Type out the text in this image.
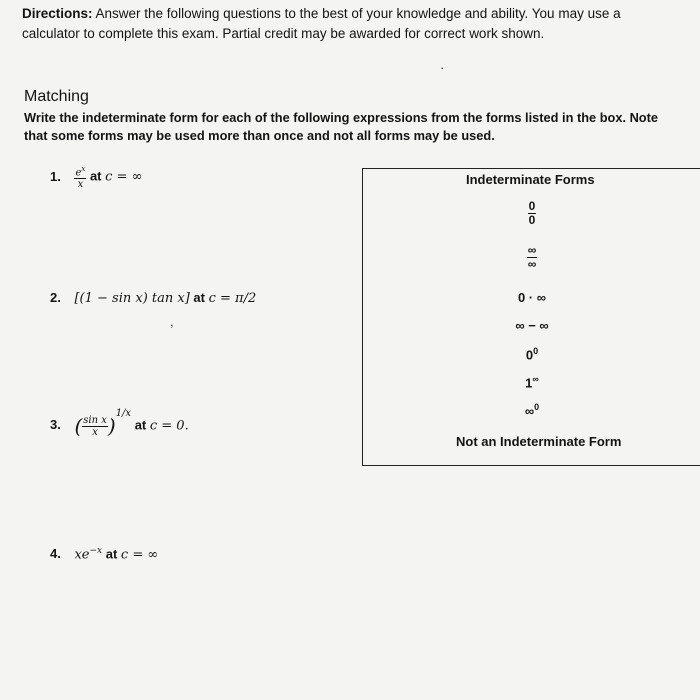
Directions: Answer the following questions to the best of your knowledge and ability. You may use a calculator to complete this exam. Partial credit may be awarded for correct work shown.
·
Matching
Write the indeterminate form for each of the following expressions from the forms listed in the box. Note that some forms may be used more than once and not all forms may be used.
1. $\frac{e^x}{x}$ at c = ∞
2. [(1 − sin x) tan x] at c = π/2
,
3. ( $\frac{\text{sin x}}{x} )^{1/x}$ at c = 0.

4. $xe^{-x}$ at c = ∞
Indeterminate Forms
$\frac{0}{0}$
$\frac{\infty}{\infty}$
0 · ∞
∞ − ∞
$0^0$
1∞
∞$^0$
Not an Indeterminate Form
